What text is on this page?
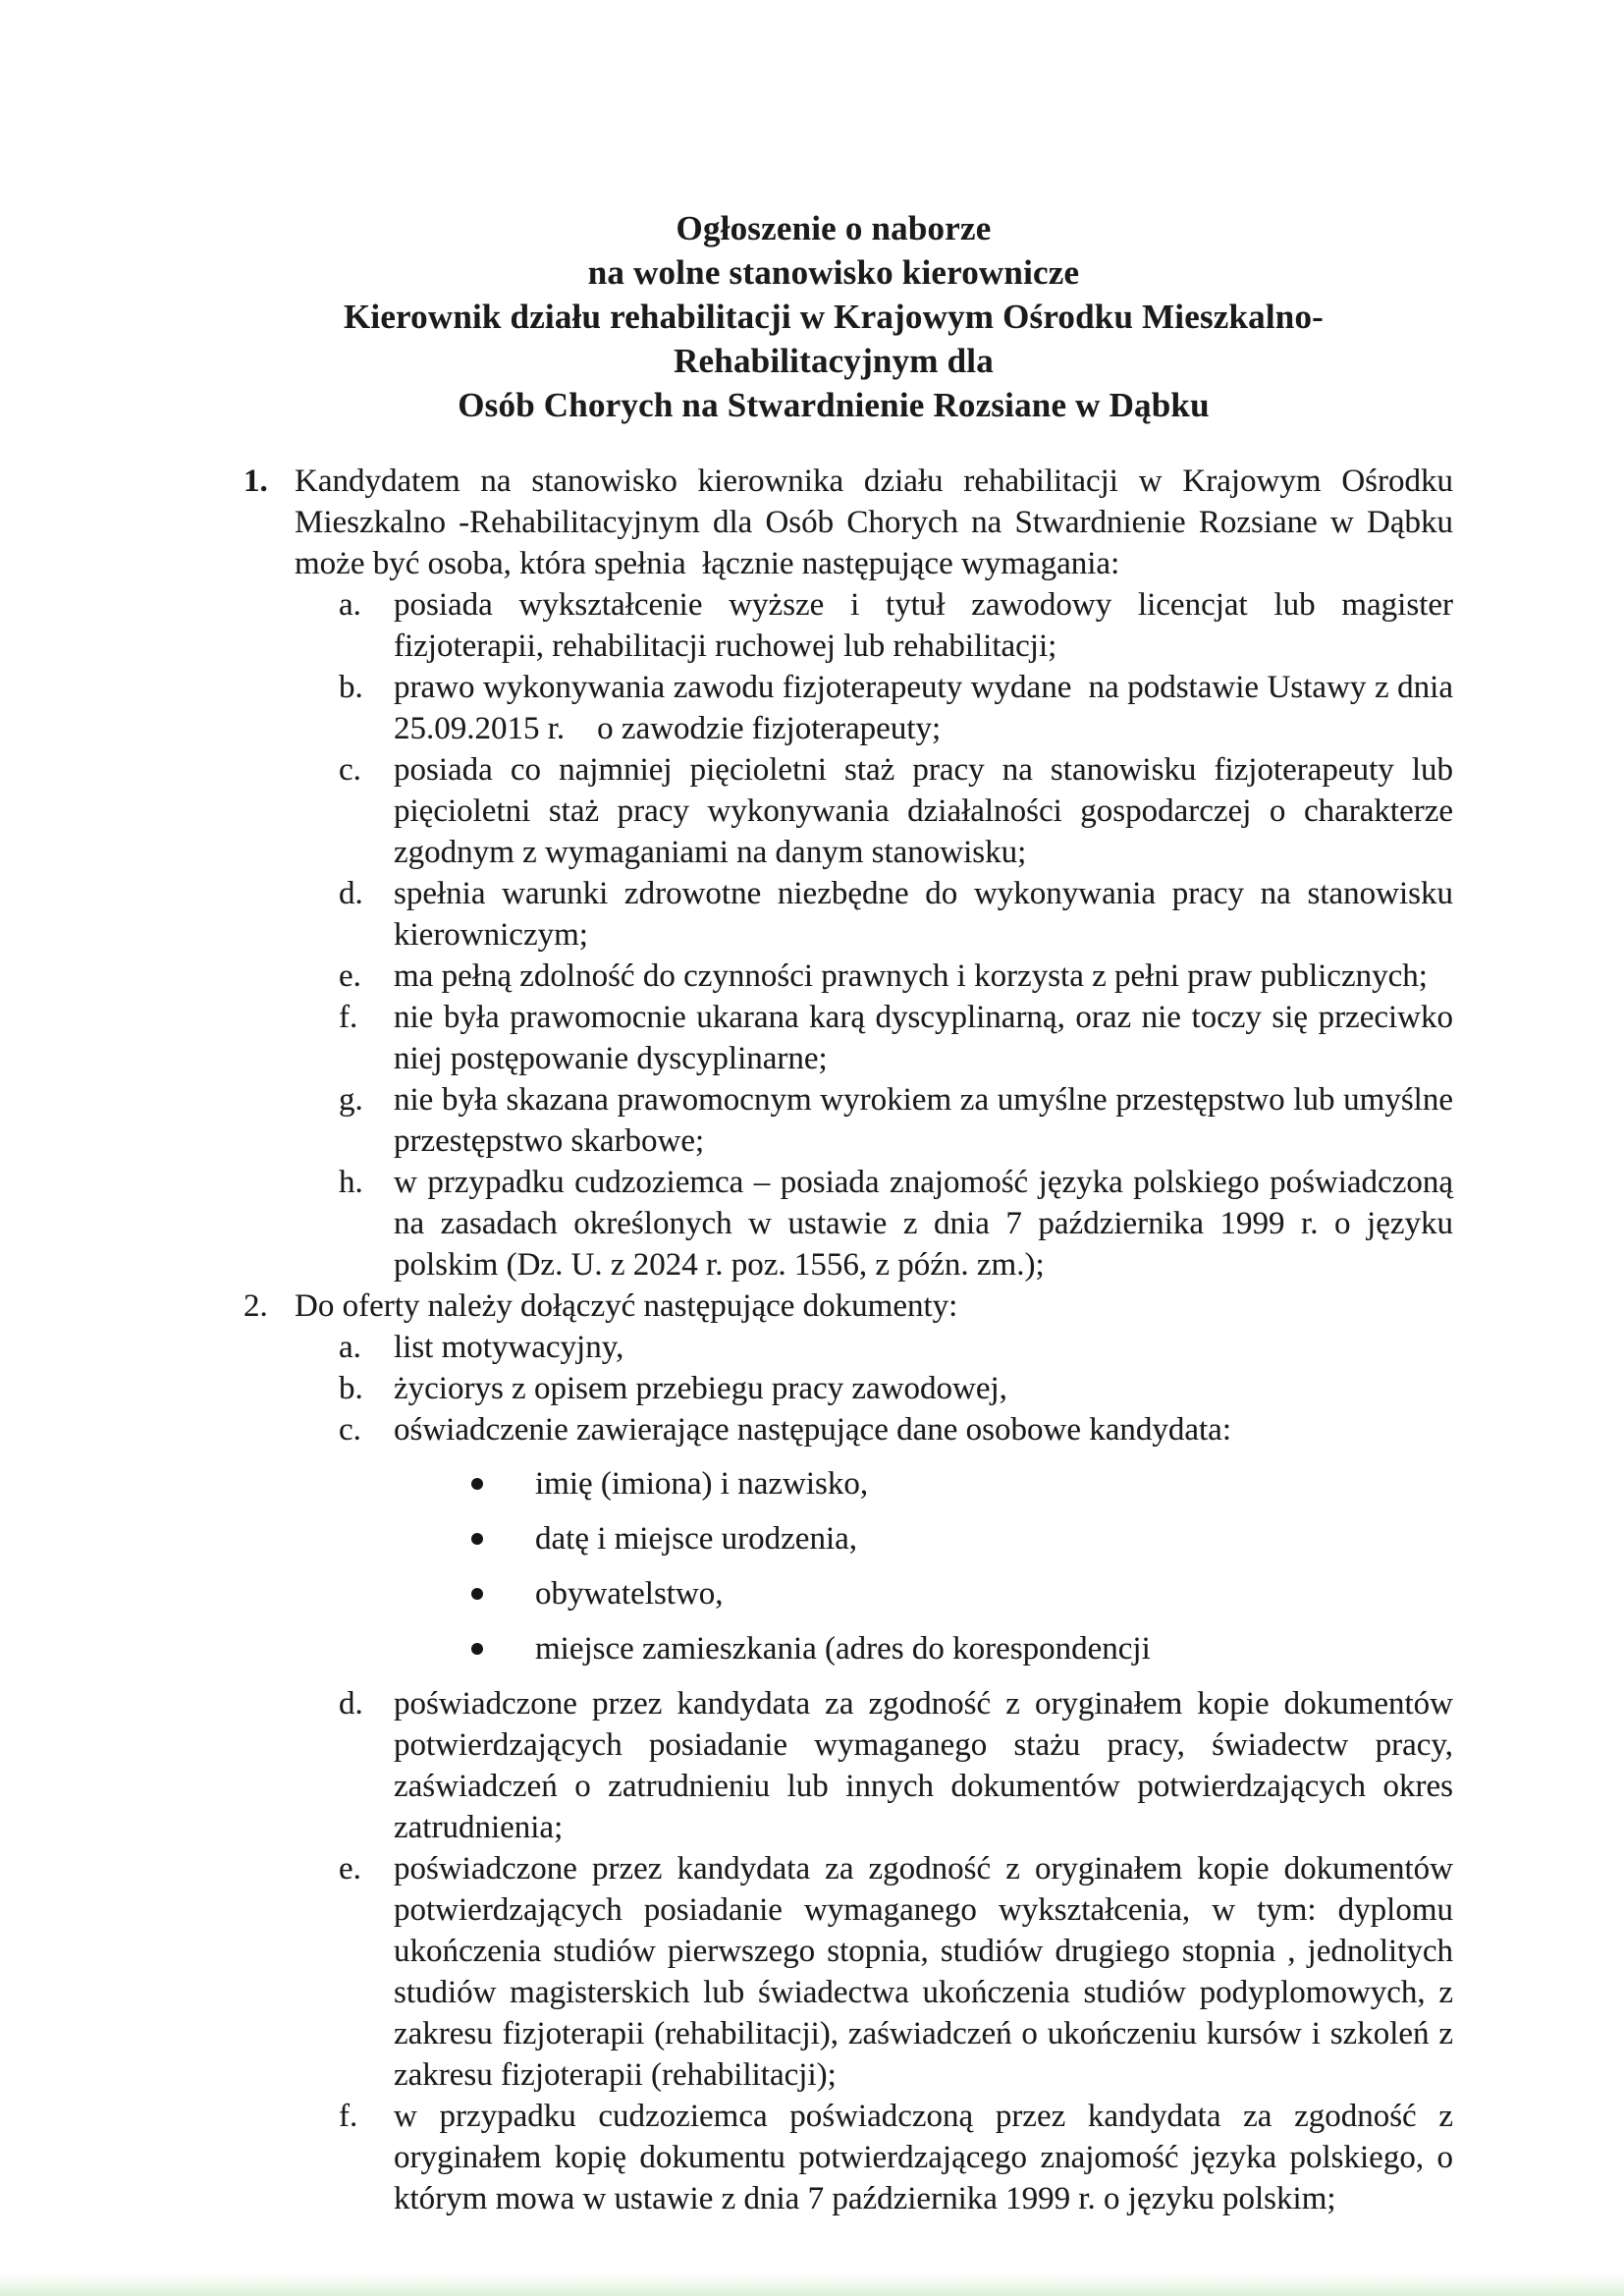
Ogłoszenie o naborze
na wolne stanowisko kierownicze
Kierownik działu rehabilitacji w Krajowym Ośrodku Mieszkalno-Rehabilitacyjnym dla
Osób Chorych na Stwardnienie Rozsiane w Dąbku
1. Kandydatem na stanowisko kierownika działu rehabilitacji w Krajowym Ośrodku Mieszkalno -Rehabilitacyjnym dla Osób Chorych na Stwardnienie Rozsiane w Dąbku może być osoba, która spełnia  łącznie następujące wymagania:
a.	posiada wykształcenie wyższe i tytuł zawodowy licencjat lub magister fizjoterapii, rehabilitacji ruchowej lub rehabilitacji;
b. prawo wykonywania zawodu fizjoterapeuty wydane  na podstawie Ustawy z dnia 25.09.2015 r.    o zawodzie fizjoterapeuty;
c.	posiada co najmniej pięcioletni staż pracy na stanowisku fizjoterapeuty lub pięcioletni staż pracy wykonywania działalności gospodarczej o charakterze zgodnym z wymaganiami na danym stanowisku;
d. spełnia warunki zdrowotne niezbędne do wykonywania pracy na stanowisku kierowniczym;
e.	ma pełną zdolność do czynności prawnych i korzysta z pełni praw publicznych;
f.	nie była prawomocnie ukarana karą dyscyplinarną, oraz nie toczy się przeciwko niej postępowanie dyscyplinarne;
g. nie była skazana prawomocnym wyrokiem za umyślne przestępstwo lub umyślne  przestępstwo skarbowe;
h. w przypadku cudzoziemca – posiada znajomość języka polskiego poświadczoną na zasadach określonych w ustawie z dnia 7 października 1999 r. o języku polskim (Dz. U. z 2024 r. poz. 1556, z późn. zm.);
2. Do oferty należy dołączyć następujące dokumenty:
a.	list motywacyjny,
b. życiorys z opisem przebiegu pracy zawodowej,
c.	oświadczenie zawierające następujące dane osobowe kandydata:
imię (imiona) i nazwisko,
datę i miejsce urodzenia,
obywatelstwo,
miejsce zamieszkania (adres do korespondencji
d. poświadczone przez kandydata za zgodność z oryginałem kopie dokumentów potwierdzających posiadanie wymaganego stażu pracy, świadectw pracy, zaświadczeń o zatrudnieniu lub innych dokumentów potwierdzających okres zatrudnienia;
e.	poświadczone przez kandydata za zgodność z oryginałem kopie dokumentów potwierdzających posiadanie wymaganego wykształcenia, w tym: dyplomu ukończenia studiów pierwszego stopnia, studiów drugiego stopnia , jednolitych studiów magisterskich lub świadectwa ukończenia studiów podyplomowych, z zakresu fizjoterapii (rehabilitacji), zaświadczeń o ukończeniu kursów i szkoleń z zakresu fizjoterapii (rehabilitacji);
f.	w przypadku cudzoziemca poświadczoną przez kandydata za zgodność z oryginałem kopię dokumentu potwierdzającego znajomość języka polskiego, o którym mowa w ustawie z dnia 7 października 1999 r. o języku polskim;
